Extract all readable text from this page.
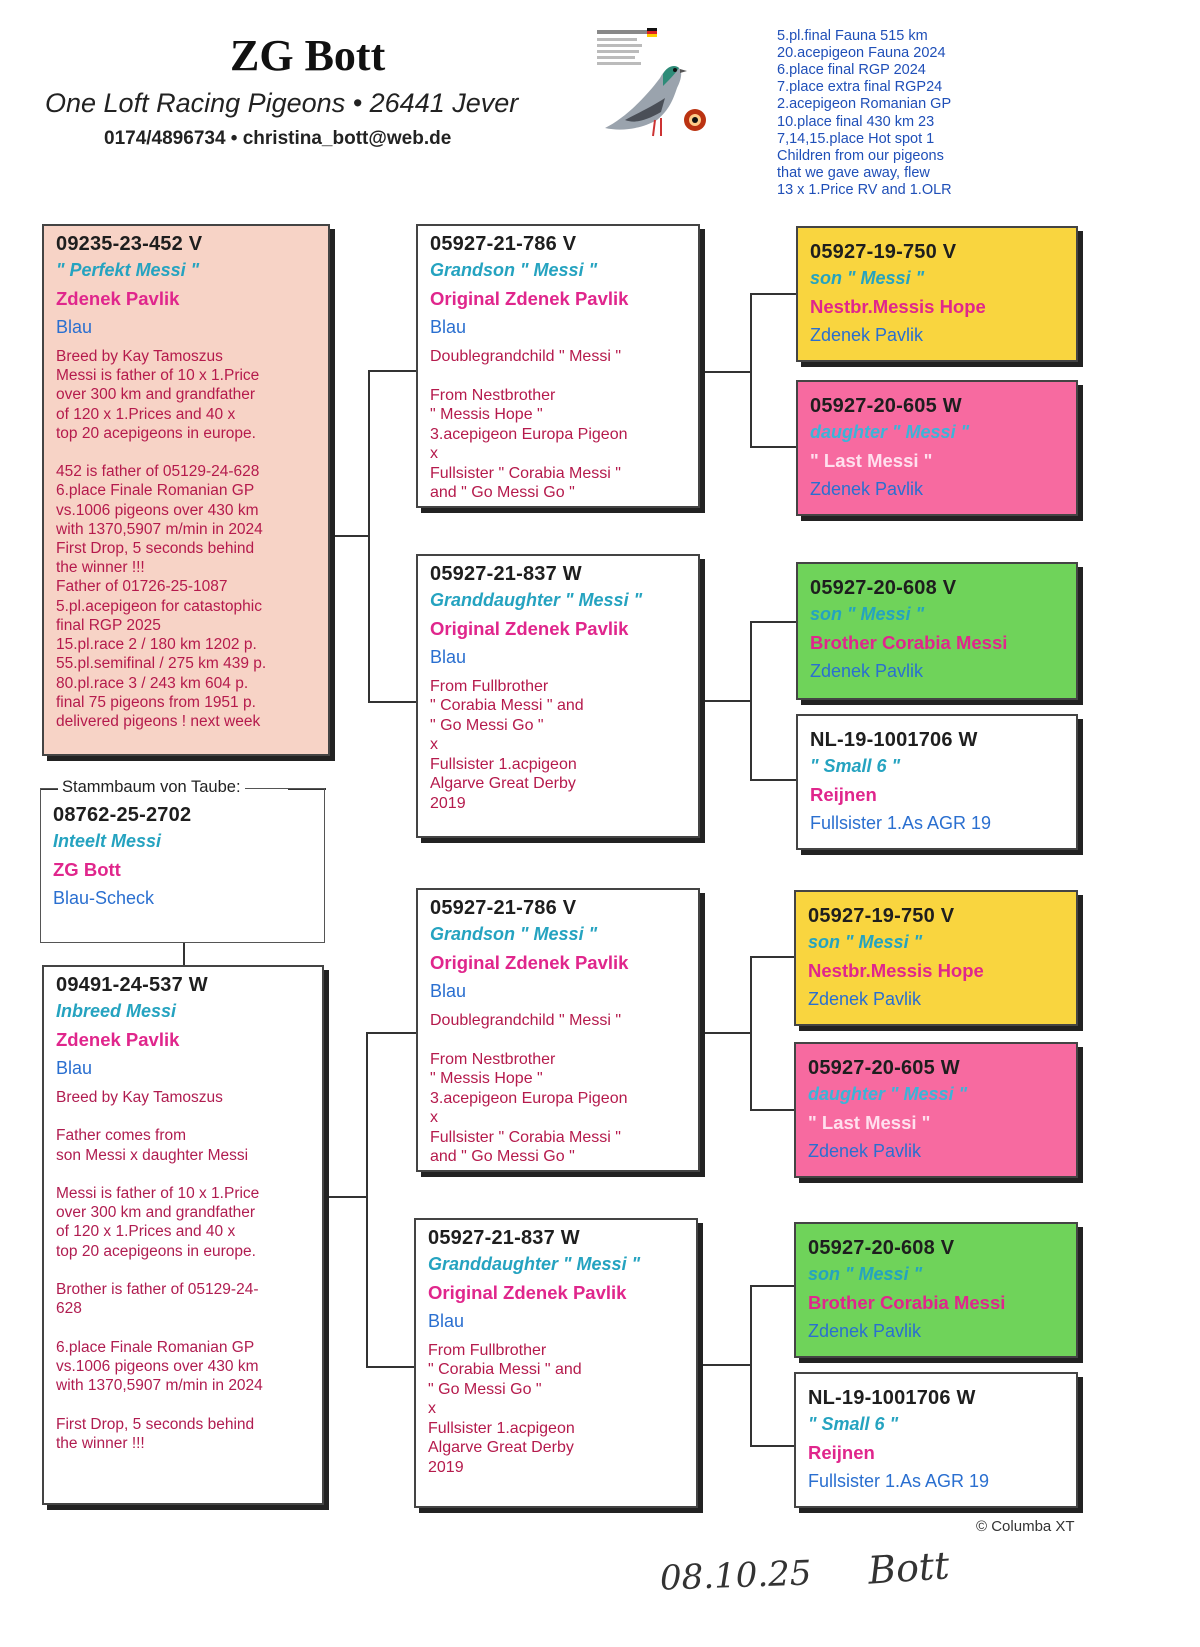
ZG Bott
One Loft Racing Pigeons • 26441 Jever
0174/4896734 • christina_bott@web.de
5.pl.final Fauna 515 km
20.acepigeon Fauna 2024
6.place final RGP 2024
7.place extra final RGP24
2.acepigeon Romanian GP
10.place final 430 km 23
7,14,15.place Hot spot 1
Children from our pigeons
that we gave away, flew
13 x 1.Price RV and 1.OLR
09235-23-452 V
" Perfekt Messi "
Zdenek Pavlik
Blau
Breed by Kay Tamoszus
Messi is father of 10 x 1.Price
over 300 km and grandfather
of 120 x 1.Prices and 40 x
top 20 acepigeons in europe.

452 is father of 05129-24-628
6.place Finale Romanian GP
vs.1006 pigeons over 430 km
with 1370,5907 m/min in 2024
First Drop, 5 seconds behind
the winner !!!
Father of 01726-25-1087
5.pl.acepigeon for catastophic
final RGP 2025
15.pl.race 2 / 180 km 1202 p.
55.pl.semifinal / 275 km 439 p.
80.pl.race 3 / 243 km 604 p.
final 75 pigeons from 1951 p.
delivered pigeons ! next week
08762-25-2702
Inteelt Messi
ZG Bott
Blau-Scheck
Stammbaum von Taube:
09491-24-537 W
Inbreed Messi
Zdenek Pavlik
Blau
Breed by Kay Tamoszus

Father comes from
son Messi x daughter Messi

Messi is father of 10 x 1.Price
over 300 km and grandfather
of 120 x 1.Prices and 40 x
top 20 acepigeons in europe.

Brother is father of 05129-24-
628

6.place Finale Romanian GP
vs.1006 pigeons over 430 km
with 1370,5907 m/min in 2024

First Drop, 5 seconds behind
the winner !!!
05927-21-786 V
Grandson " Messi "
Original Zdenek Pavlik
Blau
Doublegrandchild " Messi "

From Nestbrother
" Messis Hope "
3.acepigeon Europa Pigeon
x
Fullsister " Corabia Messi "
and " Go Messi Go "
05927-21-837 W
Granddaughter " Messi "
Original Zdenek Pavlik
Blau
From Fullbrother
" Corabia Messi " and
" Go Messi Go "
x
Fullsister 1.acpigeon
Algarve Great Derby
2019
05927-21-786 V
Grandson " Messi "
Original Zdenek Pavlik
Blau
Doublegrandchild " Messi "

From Nestbrother
" Messis Hope "
3.acepigeon Europa Pigeon
x
Fullsister " Corabia Messi "
and " Go Messi Go "
05927-21-837 W
Granddaughter " Messi "
Original Zdenek Pavlik
Blau
From Fullbrother
" Corabia Messi " and
" Go Messi Go "
x
Fullsister 1.acpigeon
Algarve Great Derby
2019
05927-19-750 V
son " Messi "
Nestbr.Messis Hope
Zdenek Pavlik
05927-20-605 W
daughter " Messi "
" Last Messi "
Zdenek Pavlik
05927-20-608 V
son " Messi "
Brother Corabia Messi
Zdenek Pavlik
NL-19-1001706 W
" Small 6 "
Reijnen
Fullsister 1.As AGR 19
05927-19-750 V
son " Messi "
Nestbr.Messis Hope
Zdenek Pavlik
05927-20-605 W
daughter " Messi "
" Last Messi "
Zdenek Pavlik
05927-20-608 V
son " Messi "
Brother Corabia Messi
Zdenek Pavlik
NL-19-1001706 W
" Small 6 "
Reijnen
Fullsister 1.As AGR 19
© Columba XT
08.10.25 Bott
